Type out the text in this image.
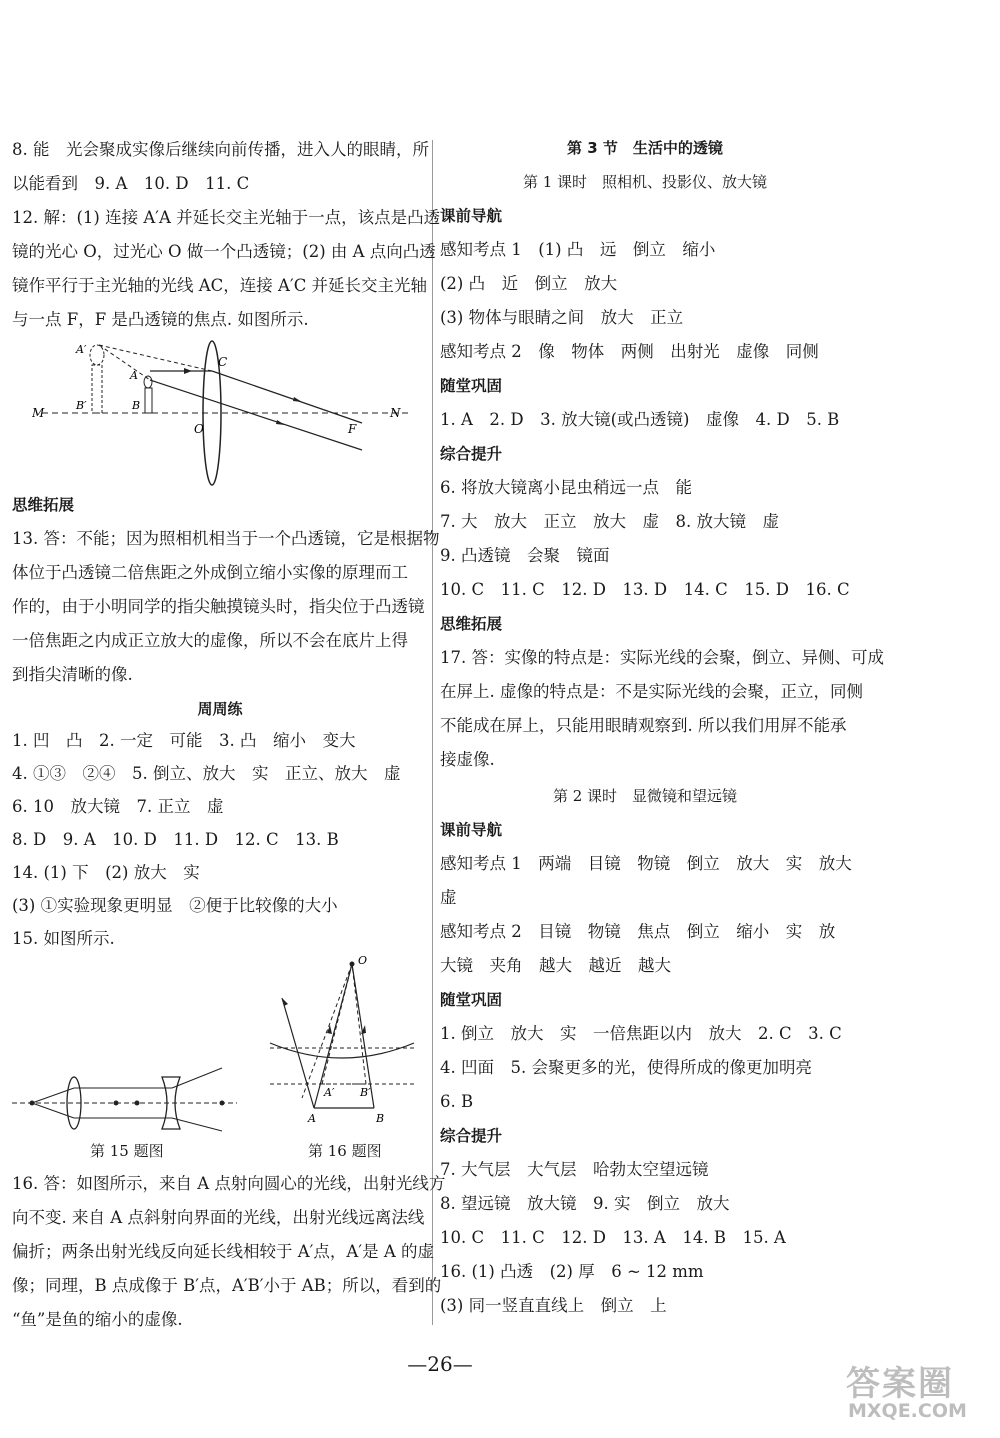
8. 能　光会聚成实像后继续向前传播，进入人的眼睛，所
以能看到　9. A　10. D　11. C
12. 解：(1) 连接 A′A 并延长交主光轴于一点，该点是凸透
镜的光心 O，过光心 O 做一个凸透镜；(2) 由 A 点向凸透
镜作平行于主光轴的光线 AC，连接 A′C 并延长交主光轴
与一点 F，F 是凸透镜的焦点. 如图所示.
A′
C
A
B′	B
M
O	F
N
思维拓展
13. 答：不能；因为照相机相当于一个凸透镜，它是根据物
体位于凸透镜二倍焦距之外成倒立缩小实像的原理而工
作的，由于小明同学的指尖触摸镜头时，指尖位于凸透镜
一倍焦距之内成正立放大的虚像，所以不会在底片上得
到指尖清晰的像.
周周练
1. 凹　凸　2. 一定　可能　3. 凸　缩小　变大
4. ①③　②④　5. 倒立、放大　实　正立、放大　虚
6. 10　放大镜　7. 正立　虚
8. D　9. A　10. D　11. D　12. C　13. B
14. (1) 下　(2) 放大　实
(3) ①实验现象更明显　②便于比较像的大小
15. 如图所示.
O
A′ B′
A	B
第 15 题图	第 16 题图
16. 答：如图所示，来自 A 点射向圆心的光线，出射光线方
向不变. 来自 A 点斜射向界面的光线，出射光线远离法线
偏折；两条出射光线反向延长线相较于 A′点，A′是 A 的虚
像；同理，B 点成像于 B′点，A′B′小于 AB；所以，看到的
“鱼”是鱼的缩小的虚像.
第 3 节　生活中的透镜
第 1 课时　照相机、投影仪、放大镜
课前导航
感知考点 1　(1) 凸　远　倒立　缩小
(2) 凸　近　倒立　放大
(3) 物体与眼睛之间　放大　正立
感知考点 2　像　物体　两侧　出射光　虚像　同侧
随堂巩固
1. A　2. D　3. 放大镜(或凸透镜)　虚像　4. D　5. B
综合提升
6. 将放大镜离小昆虫稍远一点　能
7. 大　放大　正立　放大　虚　8. 放大镜　虚
9. 凸透镜　会聚　镜面
10. C　11. C　12. D　13. D　14. C　15. D　16. C
思维拓展
17. 答：实像的特点是：实际光线的会聚，倒立、异侧、可成
在屏上. 虚像的特点是：不是实际光线的会聚，正立，同侧
不能成在屏上，只能用眼睛观察到. 所以我们用屏不能承
接虚像.
第 2 课时　显微镜和望远镜
课前导航
感知考点 1　两端　目镜　物镜　倒立　放大　实　放大
虚
感知考点 2　目镜　物镜　焦点　倒立　缩小　实　放
大镜　夹角　越大　越近　越大
随堂巩固
1. 倒立　放大　实　一倍焦距以内　放大　2. C　3. C
4. 凹面　5. 会聚更多的光，使得所成的像更加明亮
6. B
综合提升
7. 大气层　大气层　哈勃太空望远镜
8. 望远镜　放大镜　9. 实　倒立　放大
10. C　11. C　12. D　13. A　14. B　15. A
16. (1) 凸透　(2) 厚　6 ~ 12 mm
(3) 同一竖直直线上　倒立　上
—26—	答案圈
MXQE.COM
